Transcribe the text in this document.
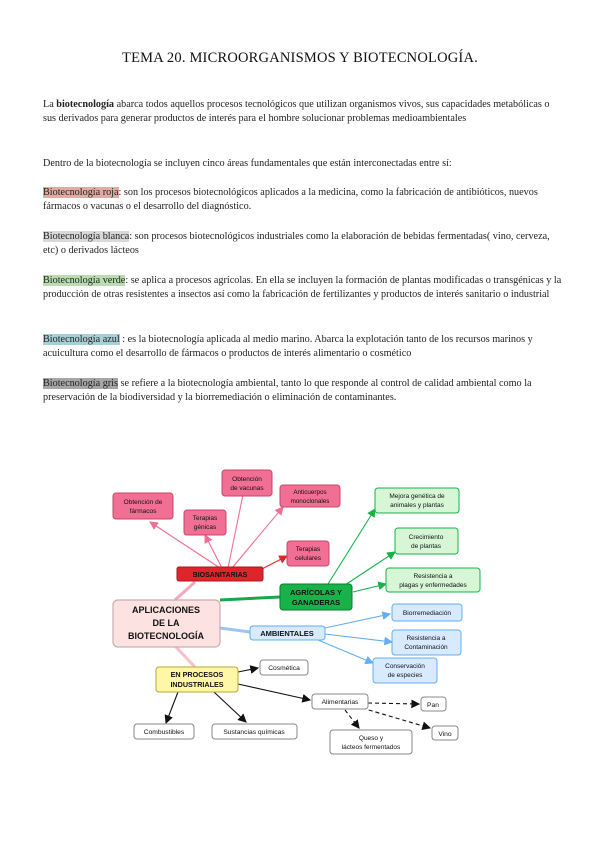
TEMA 20. MICROORGANISMOS Y BIOTECNOLOGÍA.
La biotecnología abarca todos aquellos procesos tecnológicos que utilizan organismos vivos, sus capacidades metabólicas o sus derivados para generar productos de interés para el hombre solucionar problemas medioambientales
Dentro de la biotecnología se incluyen cinco áreas fundamentales que están interconectadas entre sí:
Biotecnología roja: son los procesos biotecnológicos aplicados a la medicina, como la fabricación de antibióticos, nuevos fármacos o vacunas o el desarrollo del diagnóstico.
Biotecnología blanca: son procesos biotecnológicos industriales como la elaboración de bebidas fermentadas( vino, cerveza, etc) o derivados lácteos
Biotecnología verde: se aplica a procesos agrícolas. En ella se incluyen la formación de plantas modificadas o transgénicas y la producción de otras resistentes a insectos así como la fabricación de fertilizantes y productos de interés sanitario o industrial
Biotecnología azul : es la biotecnología aplicada al medio marino. Abarca la explotación tanto de los recursos marinos y acuicultura como el desarrollo de fármacos o productos de interés alimentario o cosmético
Biotecnología gris se refiere a la biotecnología ambiental, tanto lo que responde al control de calidad ambiental como la preservación de la biodiversidad y la biorremediación o eliminación de contaminantes.
APLICACIONES
DE LA
BIOTECNOLOGÍA
BIOSANITARIAS
Obtención de
fármacos
Terapias
génicas
Obtención
de vacunas
Anticuerpos
monoclonales
Terapias
celulares
AGRÍCOLAS Y
GANADERAS
Mejora genética de
animales y plantas
Crecimiento
de plantas
Resistencia a
plagas y enfermedades
AMBIENTALES
Biorremediación
Resistencia a
Contaminación
Conservación
de especies
EN PROCESOS
INDUSTRIALES
Cosmética
Alimentarias	Pan
Vino
Queso y
lácteos fermentados
Combustibles	Sustancias químicas
